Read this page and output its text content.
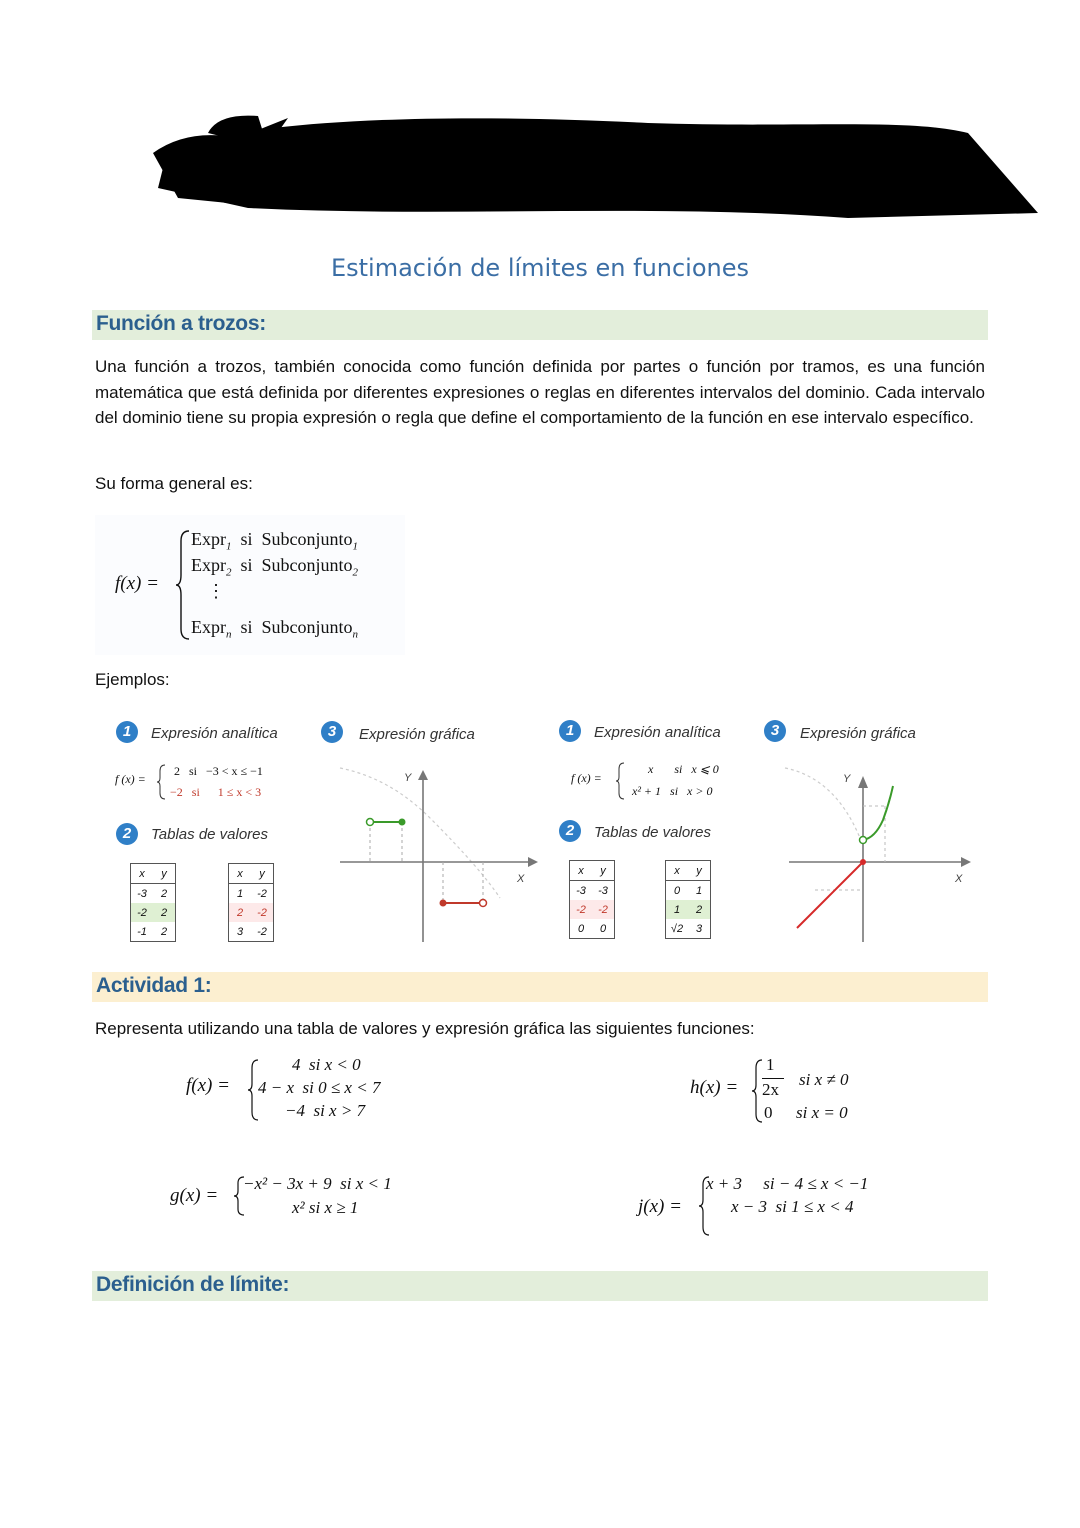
Estimación de límites en funciones
Función a trozos:
Una función a trozos, también conocida como función definida por partes o función por tramos, es una función matemática que está definida por diferentes expresiones o reglas en diferentes intervalos del dominio. Cada intervalo del dominio tiene su propia expresión o regla que define el comportamiento de la función en ese intervalo específico.
Su forma general es:
f(x) =
Expr$_1$ si Subconjunto$_1$
Expr$_2$ si Subconjunto$_2$
⋮
Expr$_n$ si Subconjunto$_n$
Ejemplos:
1	Expresión analítica	3	Expresión gráfica
f (x) =
2   si   −3 < x ≤ −1
−2   si      1 ≤ x < 3
2	Tablas de valores
x	y
-3	2
-2	2
-1	2
x	y
1	-2
2	-2
3	-2
X
Y
1	Expresión analítica	3	Expresión gráfica
f (x) =
x       si   x ⩽ 0
x² + 1   si   x > 0
2	Tablas de valores
x	y
-3	-3
-2	-2
0	0
x	y
0	1
1	2
√2	3
X
Y
Actividad 1:
Representa utilizando una tabla de valores y expresión gráfica las siguientes funciones:
f(x) =
4  si x < 0
4 − x  si 0 ≤ x < 7
−4  si x > 7
h(x) =
1
2x
si x ≠ 0
0 si x = 0
g(x) =
−x² − 3x + 9  si x < 1
x² si x ≥ 1	j(x) =
x + 3     si − 4 ≤ x < −1
x − 3  si 1 ≤ x < 4
Definición de límite:
